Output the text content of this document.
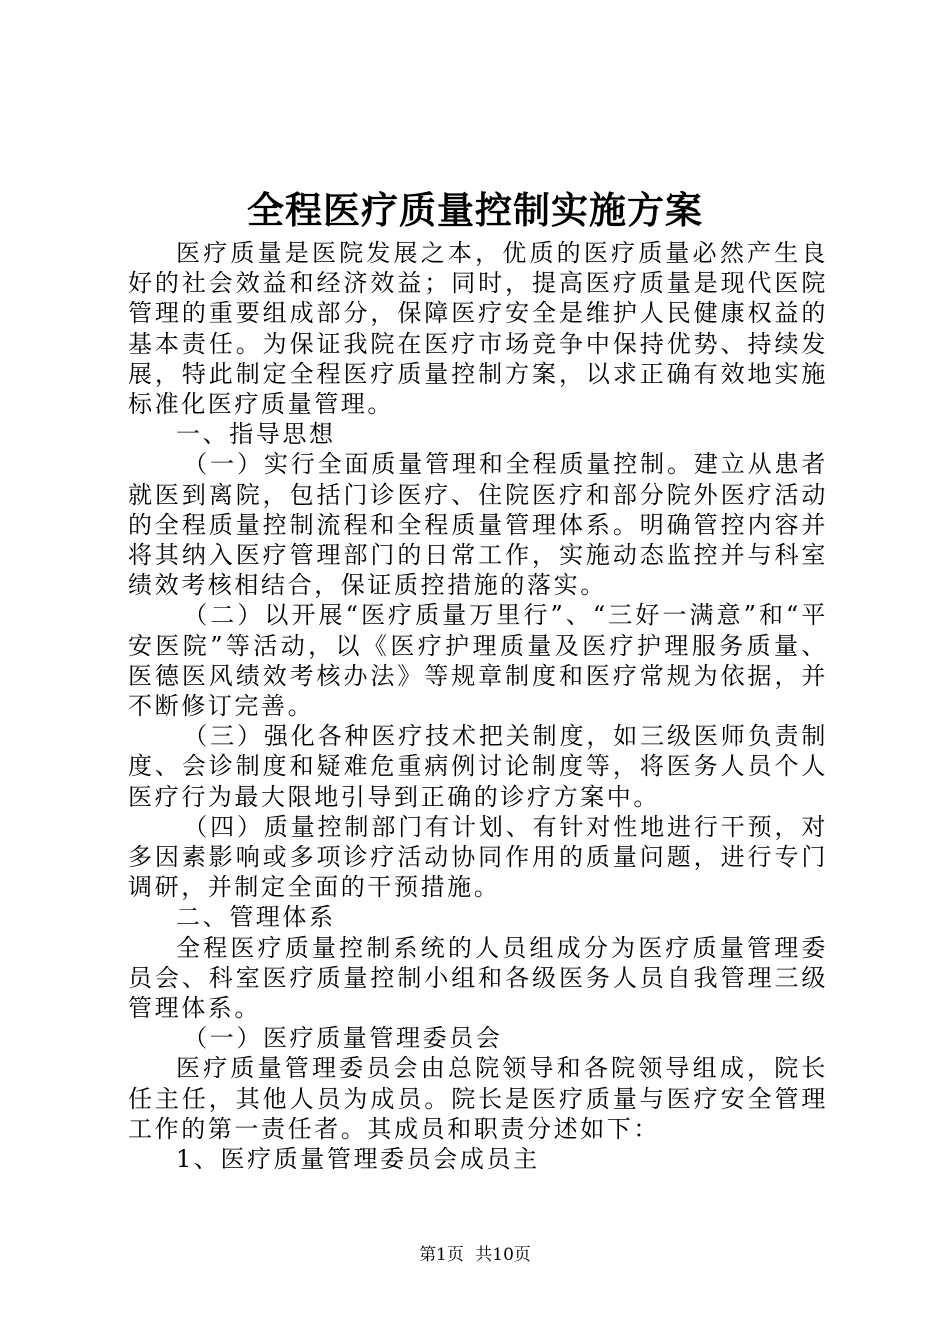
全程医疗质量控制实施方案

医疗质量是医院发展之本，优质的医疗质量必然产生良好的社会效益和经济效益；同时，提高医疗质量是现代医院管理的重要组成部分，保障医疗安全是维护人民健康权益的基本责任。为保证我院在医疗市场竞争中保持优势、持续发展，特此制定全程医疗质量控制方案，以求正确有效地实施标准化医疗质量管理。

一、指导思想

（一）实行全面质量管理和全程质量控制。建立从患者就医到离院，包括门诊医疗、住院医疗和部分院外医疗活动的全程质量控制流程和全程质量管理体系。明确管控内容并将其纳入医疗管理部门的日常工作，实施动态监控并与科室绩效考核相结合，保证质控措施的落实。

（二）以开展“医疗质量万里行”、“三好一满意”和“平安医院”等活动，以《医疗护理质量及医疗护理服务质量、医德医风绩效考核办法》等规章制度和医疗常规为依据，并不断修订完善。

（三）强化各种医疗技术把关制度，如三级医师负责制度、会诊制度和疑难危重病例讨论制度等，将医务人员个人医疗行为最大限地引导到正确的诊疗方案中。

（四）质量控制部门有计划、有针对性地进行干预，对多因素影响或多项诊疗活动协同作用的质量问题，进行专门调研，并制定全面的干预措施。

二、管理体系

全程医疗质量控制系统的人员组成分为医疗质量管理委员会、科室医疗质量控制小组和各级医务人员自我管理三级管理体系。

（一）医疗质量管理委员会

医疗质量管理委员会由总院领导和各院领导组成，院长任主任，其他人员为成员。院长是医疗质量与医疗安全管理工作的第一责任者。其成员和职责分述如下：

1、医疗质量管理委员会成员主

第1页 共10页
